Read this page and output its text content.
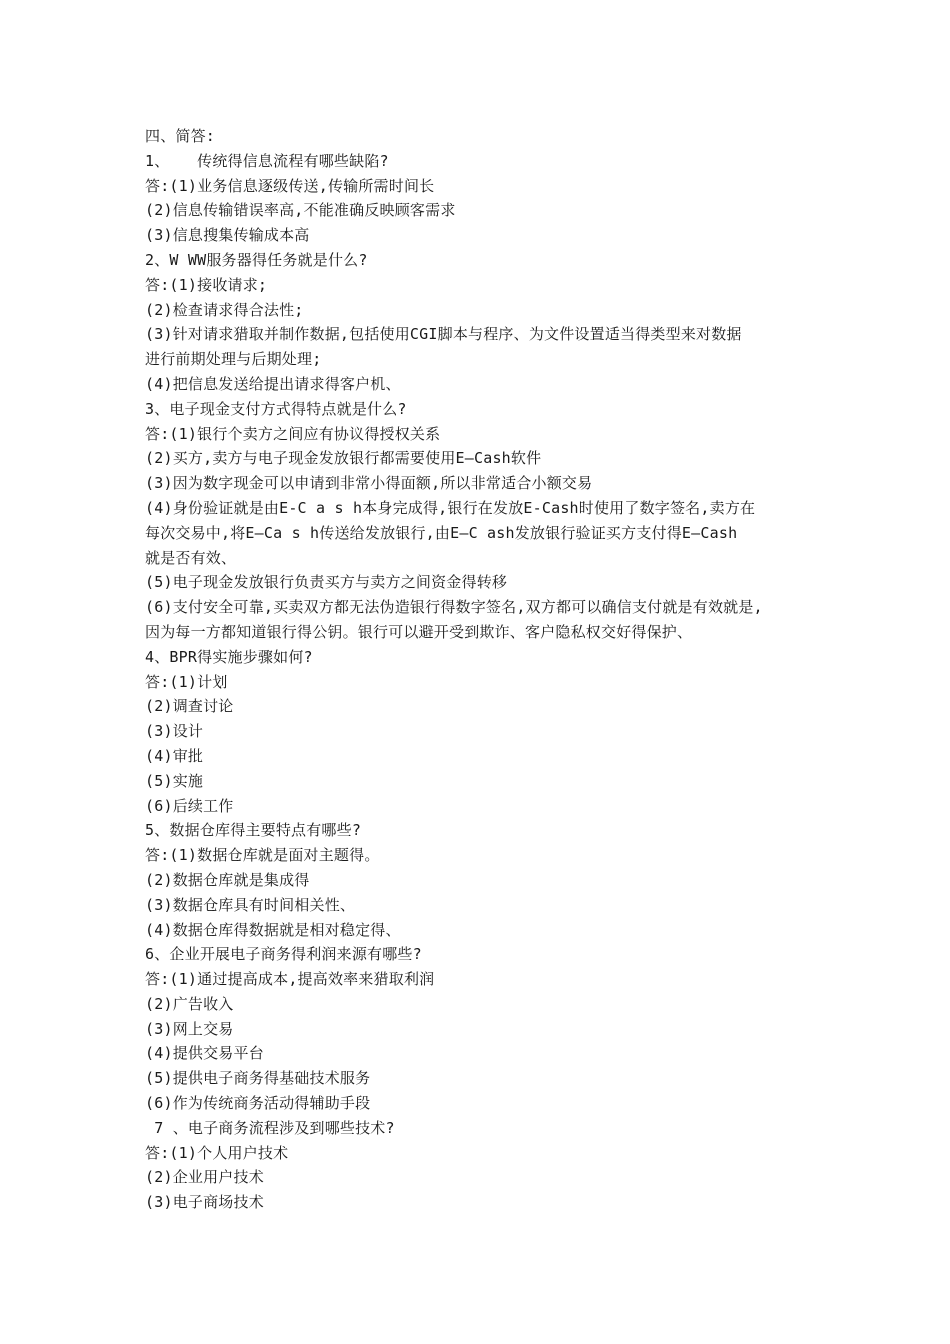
四、简答:
1、   传统得信息流程有哪些缺陷?
答:(1)业务信息逐级传送,传输所需时间长
(2)信息传输错误率高,不能准确反映顾客需求
(3)信息搜集传输成本高
2、W WW服务器得任务就是什么?
答:(1)接收请求;
(2)检查请求得合法性;
(3)针对请求猎取并制作数据,包括使用CGI脚本与程序、为文件设置适当得类型来对数据
进行前期处理与后期处理;
(4)把信息发送给提出请求得客户机、
3、电子现金支付方式得特点就是什么?
答:(1)银行个卖方之间应有协议得授权关系
(2)买方,卖方与电子现金发放银行都需要使用E—Cash软件
(3)因为数字现金可以申请到非常小得面额,所以非常适合小额交易
(4)身份验证就是由E-C a s h本身完成得,银行在发放E-Cash时使用了数字签名,卖方在
每次交易中,将E—Ca s h传送给发放银行,由E—C ash发放银行验证买方支付得E—Cash
就是否有效、
(5)电子现金发放银行负责买方与卖方之间资金得转移
(6)支付安全可靠,买卖双方都无法伪造银行得数字签名,双方都可以确信支付就是有效就是,
因为每一方都知道银行得公钥。银行可以避开受到欺诈、客户隐私权交好得保护、
4、BPR得实施步骤如何?
答:(1)计划
(2)调查讨论
(3)设计
(4)审批
(5)实施
(6)后续工作
5、数据仓库得主要特点有哪些?
答:(1)数据仓库就是面对主题得。
(2)数据仓库就是集成得
(3)数据仓库具有时间相关性、
(4)数据仓库得数据就是相对稳定得、
6、企业开展电子商务得利润来源有哪些?
答:(1)通过提高成本,提高效率来猎取利润
(2)广告收入
(3)网上交易
(4)提供交易平台
(5)提供电子商务得基础技术服务
(6)作为传统商务活动得辅助手段
7 、电子商务流程涉及到哪些技术?
答:(1)个人用户技术
(2)企业用户技术
(3)电子商场技术
